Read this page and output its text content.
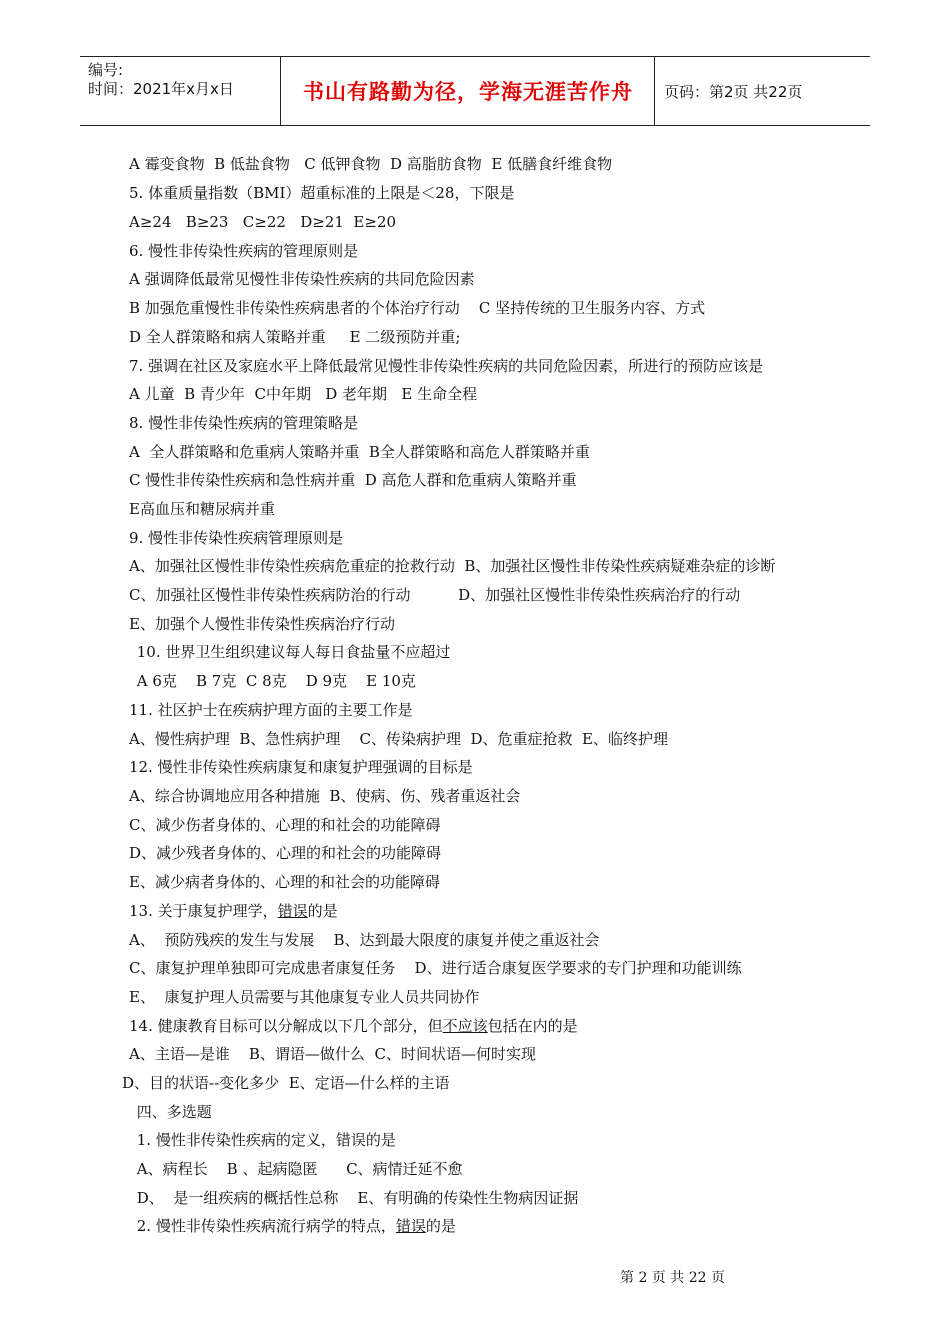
编号:
时间：2021年x月x日	书山有路勤为径，学海无涯苦作舟	页码：第2页 共22页
A 霉变食物  B 低盐食物   C 低钾食物  D 高脂肪食物  E 低膳食纤维食物
5. 体重质量指数（BMI）超重标准的上限是＜28，下限是
A≥24   B≥23   C≥22   D≥21  E≥20
6. 慢性非传染性疾病的管理原则是
A 强调降低最常见慢性非传染性疾病的共同危险因素
B 加强危重慢性非传染性疾病患者的个体治疗行动    C 坚持传统的卫生服务内容、方式
D 全人群策略和病人策略并重     E 二级预防并重;
7. 强调在社区及家庭水平上降低最常见慢性非传染性疾病的共同危险因素，所进行的预防应该是
A 儿童  B 青少年  C中年期   D 老年期   E 生命全程
8. 慢性非传染性疾病的管理策略是
A  全人群策略和危重病人策略并重  B全人群策略和高危人群策略并重
C 慢性非传染性疾病和急性病并重  D 高危人群和危重病人策略并重
E高血压和糖尿病并重
9. 慢性非传染性疾病管理原则是
A、加强社区慢性非传染性疾病危重症的抢救行动  B、加强社区慢性非传染性疾病疑难杂症的诊断
C、加强社区慢性非传染性疾病防治的行动          D、加强社区慢性非传染性疾病治疗的行动
E、加强个人慢性非传染性疾病治疗行动
10. 世界卫生组织建议每人每日食盐量不应超过
A 6克    B 7克  C 8克    D 9克    E 10克
11. 社区护士在疾病护理方面的主要工作是
A、慢性病护理  B、急性病护理    C、传染病护理  D、危重症抢救  E、临终护理
12. 慢性非传染性疾病康复和康复护理强调的目标是
A、综合协调地应用各种措施  B、使病、伤、残者重返社会
C、减少伤者身体的、心理的和社会的功能障碍
D、减少残者身体的、心理的和社会的功能障碍
E、减少病者身体的、心理的和社会的功能障碍
13. 关于康复护理学，错误的是
A、  预防残疾的发生与发展    B、达到最大限度的康复并使之重返社会
C、康复护理单独即可完成患者康复任务    D、进行适合康复医学要求的专门护理和功能训练
E、  康复护理人员需要与其他康复专业人员共同协作
14. 健康教育目标可以分解成以下几个部分，但不应该包括在内的是
A、主语—是谁    B、谓语—做什么  C、时间状语—何时实现
D、目的状语--变化多少  E、定语—什么样的主语
四、多选题
1. 慢性非传染性疾病的定义，错误的是
A、病程长    B 、起病隐匿      C、病情迁延不愈
D、  是一组疾病的概括性总称    E、有明确的传染性生物病因证据
2. 慢性非传染性疾病流行病学的特点，错误的是
第 2 页 共 22 页
